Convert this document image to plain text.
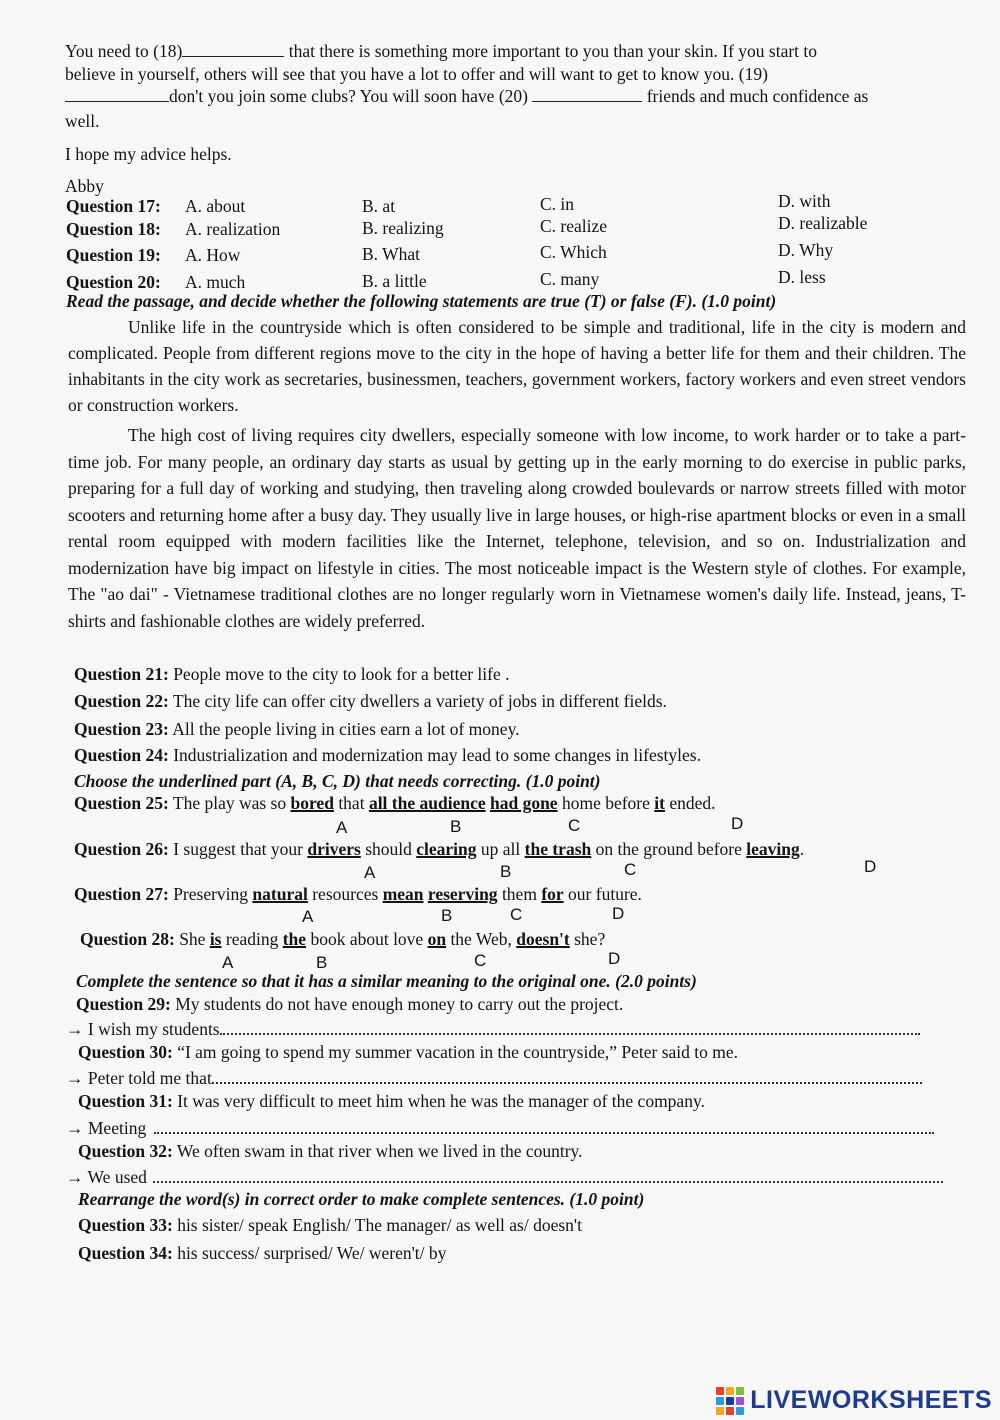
You need to (18)	that there is something more important to you than your skin. If you start to
believe in yourself, others will see that you have a lot to offer and will want to get to know you. (19)
don't you join some clubs? You will soon have (20)	friends and much confidence as
well.
I hope my advice helps.
Abby
Question 17: A. about	B. at	C. in	D. with
Question 18: A. realization	B. realizing	C. realize	D. realizable
Question 19: A. How	B. What	C. Which	D. Why
Question 20: A. much	B. a little	C. many	D. less
Read the passage, and decide whether the following statements are true (T) or false (F). (1.0 point)
Unlike life in the countryside which is often considered to be simple and traditional, life in the city is modern and complicated. People from different regions move to the city in the hope of having a better life for them and their children. The inhabitants in the city work as secretaries, businessmen, teachers, government workers, factory workers and even street vendors or construction workers.
The high cost of living requires city dwellers, especially someone with low income, to work harder or to take a part-time job. For many people, an ordinary day starts as usual by getting up in the early morning to do exercise in public parks, preparing for a full day of working and studying, then traveling along crowded boulevards or narrow streets filled with motor scooters and returning home after a busy day. They usually live in large houses, or high-rise apartment blocks or even in a small rental room equipped with modern facilities like the Internet, telephone, television, and so on. Industrialization and modernization have big impact on lifestyle in cities. The most noticeable impact is the Western style of clothes. For example, The "ao dai" - Vietnamese traditional clothes are no longer regularly worn in Vietnamese women's daily life. Instead, jeans, T-shirts and fashionable clothes are widely preferred.
Question 21: People move to the city to look for a better life .
Question 22: The city life can offer city dwellers a variety of jobs in different fields.
Question 23: All the people living in cities earn a lot of money.
Question 24: Industrialization and modernization may lead to some changes in lifestyles.
Choose the underlined part (A, B, C, D) that needs correcting. (1.0 point)
Question 25: The play was so bored that all the audience had gone home before it ended.
A	B	C	D
Question 26: I suggest that your drivers should clearing up all the trash on the ground before leaving.
A	B	C	D
Question 27: Preserving natural resources mean reserving them for our future.
A	B	C	D
Question 28: She is reading the book about love on the Web, doesn't she?
A	B	C	D
Complete the sentence so that it has a similar meaning to the original one. (2.0 points)
Question 29: My students do not have enough money to carry out the project.
→ I wish my students
Question 30: “I am going to spend my summer vacation in the countryside,” Peter said to me.
→ Peter told me that
Question 31: It was very difficult to meet him when he was the manager of the company.
→ Meeting
Question 32: We often swam in that river when we lived in the country.
→ We used
Rearrange the word(s) in correct order to make complete sentences. (1.0 point)
Question 33: his sister/ speak English/ The manager/ as well as/ doesn't
Question 34: his success/ surprised/ We/ weren't/ by
LIVEWORKSHEETS
